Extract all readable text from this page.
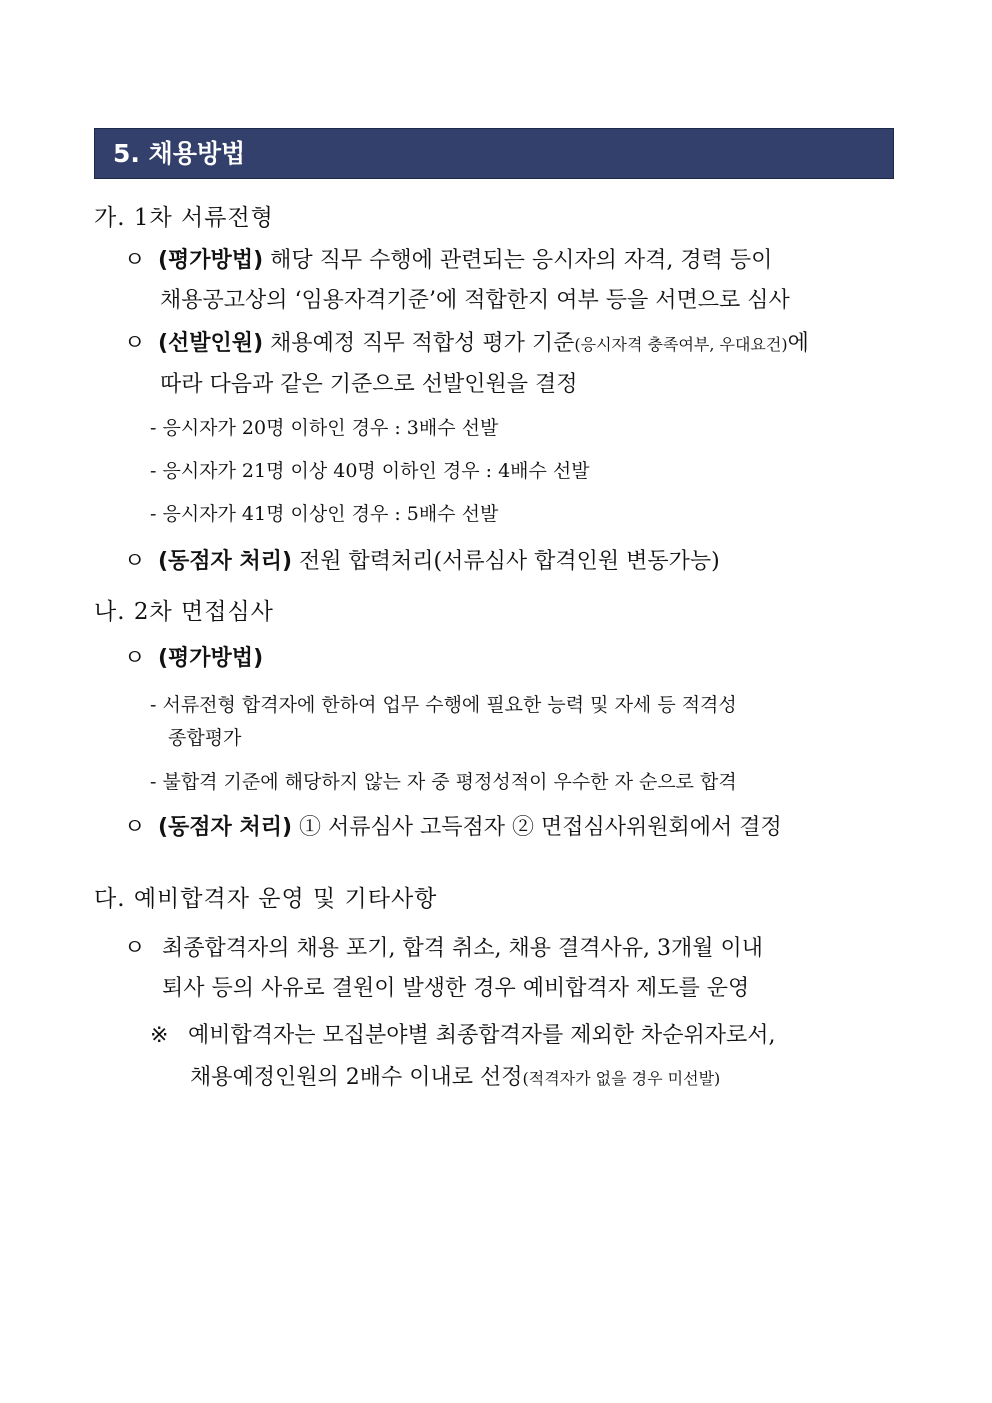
5. 채용방법
가. 1차 서류전형
ㅇ (평가방법) 해당 직무 수행에 관련되는 응시자의 자격, 경력 등이
채용공고상의 ‘임용자격기준’에 적합한지 여부 등을 서면으로 심사
ㅇ (선발인원) 채용예정 직무 적합성 평가 기준(응시자격 충족여부, 우대요건)에
따라 다음과 같은 기준으로 선발인원을 결정
- 응시자가 20명 이하인 경우 : 3배수 선발
- 응시자가 21명 이상 40명 이하인 경우 : 4배수 선발
- 응시자가 41명 이상인 경우 : 5배수 선발
ㅇ (동점자 처리) 전원 합력처리(서류심사 합격인원 변동가능)
나. 2차 면접심사
ㅇ (평가방법)
- 서류전형 합격자에 한하여 업무 수행에 필요한 능력 및 자세 등 적격성
종합평가
- 불합격 기준에 해당하지 않는 자 중 평정성적이 우수한 자 순으로 합격
ㅇ (동점자 처리) ① 서류심사 고득점자 ② 면접심사위원회에서 결정
다. 예비합격자 운영 및 기타사항
ㅇ 최종합격자의 채용 포기, 합격 취소, 채용 결격사유, 3개월 이내
퇴사 등의 사유로 결원이 발생한 경우 예비합격자 제도를 운영
※ 예비합격자는 모집분야별 최종합격자를 제외한 차순위자로서,
채용예정인원의 2배수 이내로 선정(적격자가 없을 경우 미선발)
